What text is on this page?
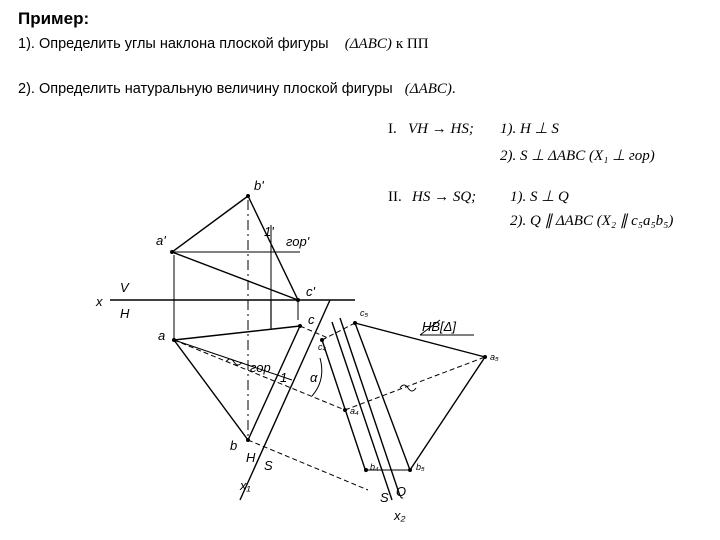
Пример:
1). Определить углы наклона плоской фигуры (ΔABC) к ПП
2). Определить натуральную величину плоской фигуры (ΔABC).
b'
a'
c'
1'
гор'
x
V
H
a
c
1
b
гор
α
x₁
H
S
c₄
a₄
b₄
c₅
a₅
b₅
S Q
x₂
НВ[Δ]
I. VH → HS; 1). H ⊥ S
2). S ⊥ ΔABC (X₁ ⊥ гор)
II. HS → SQ; 1). S ⊥ Q
2). Q ∥ ΔABC (X₂ ∥ c₅a₅b₅)
